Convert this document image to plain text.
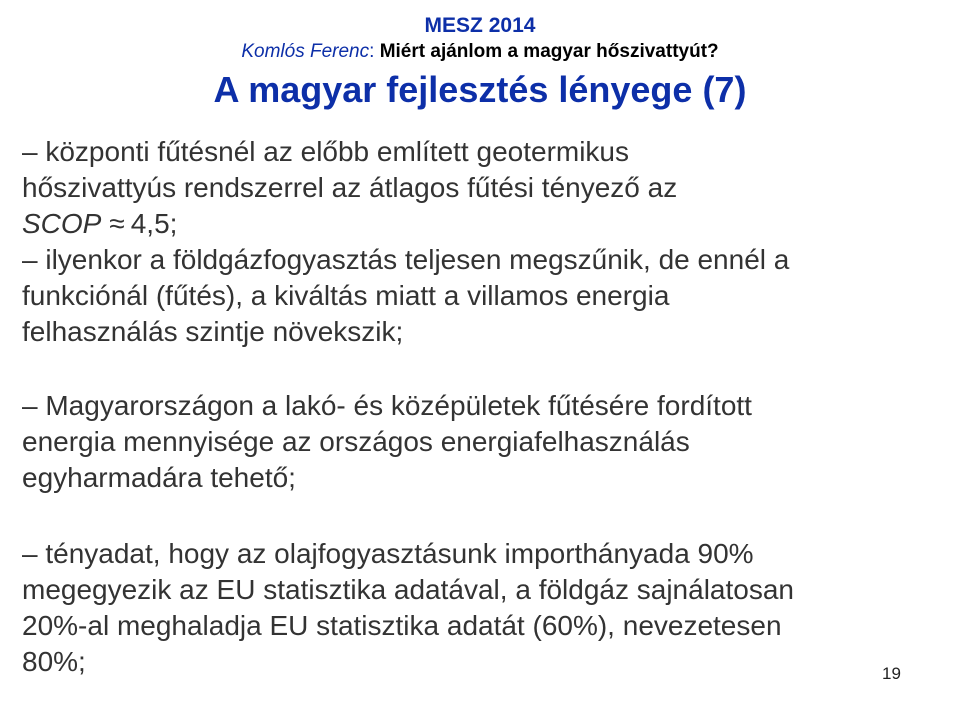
MESZ 2014
Komlós Ferenc: Miért ajánlom a magyar hőszivattyút?
A magyar fejlesztés lényege (7)
– központi fűtésnél az előbb említett geotermikus
hőszivattyús rendszerrel az átlagos fűtési tényező az
SCOP ≈ 4,5;
– ilyenkor a földgázfogyasztás teljesen megszűnik, de ennél a
funkciónál (fűtés), a kiváltás miatt a villamos energia
felhasználás szintje növekszik;
– Magyarországon a lakó- és középületek fűtésére fordított
energia mennyisége az országos energiafelhasználás
egyharmadára tehető;
– tényadat, hogy az olajfogyasztásunk importhányada 90%
megegyezik az EU statisztika adatával, a földgáz sajnálatosan
20%-al meghaladja EU statisztika adatát (60%), nevezetesen
80%;	19
